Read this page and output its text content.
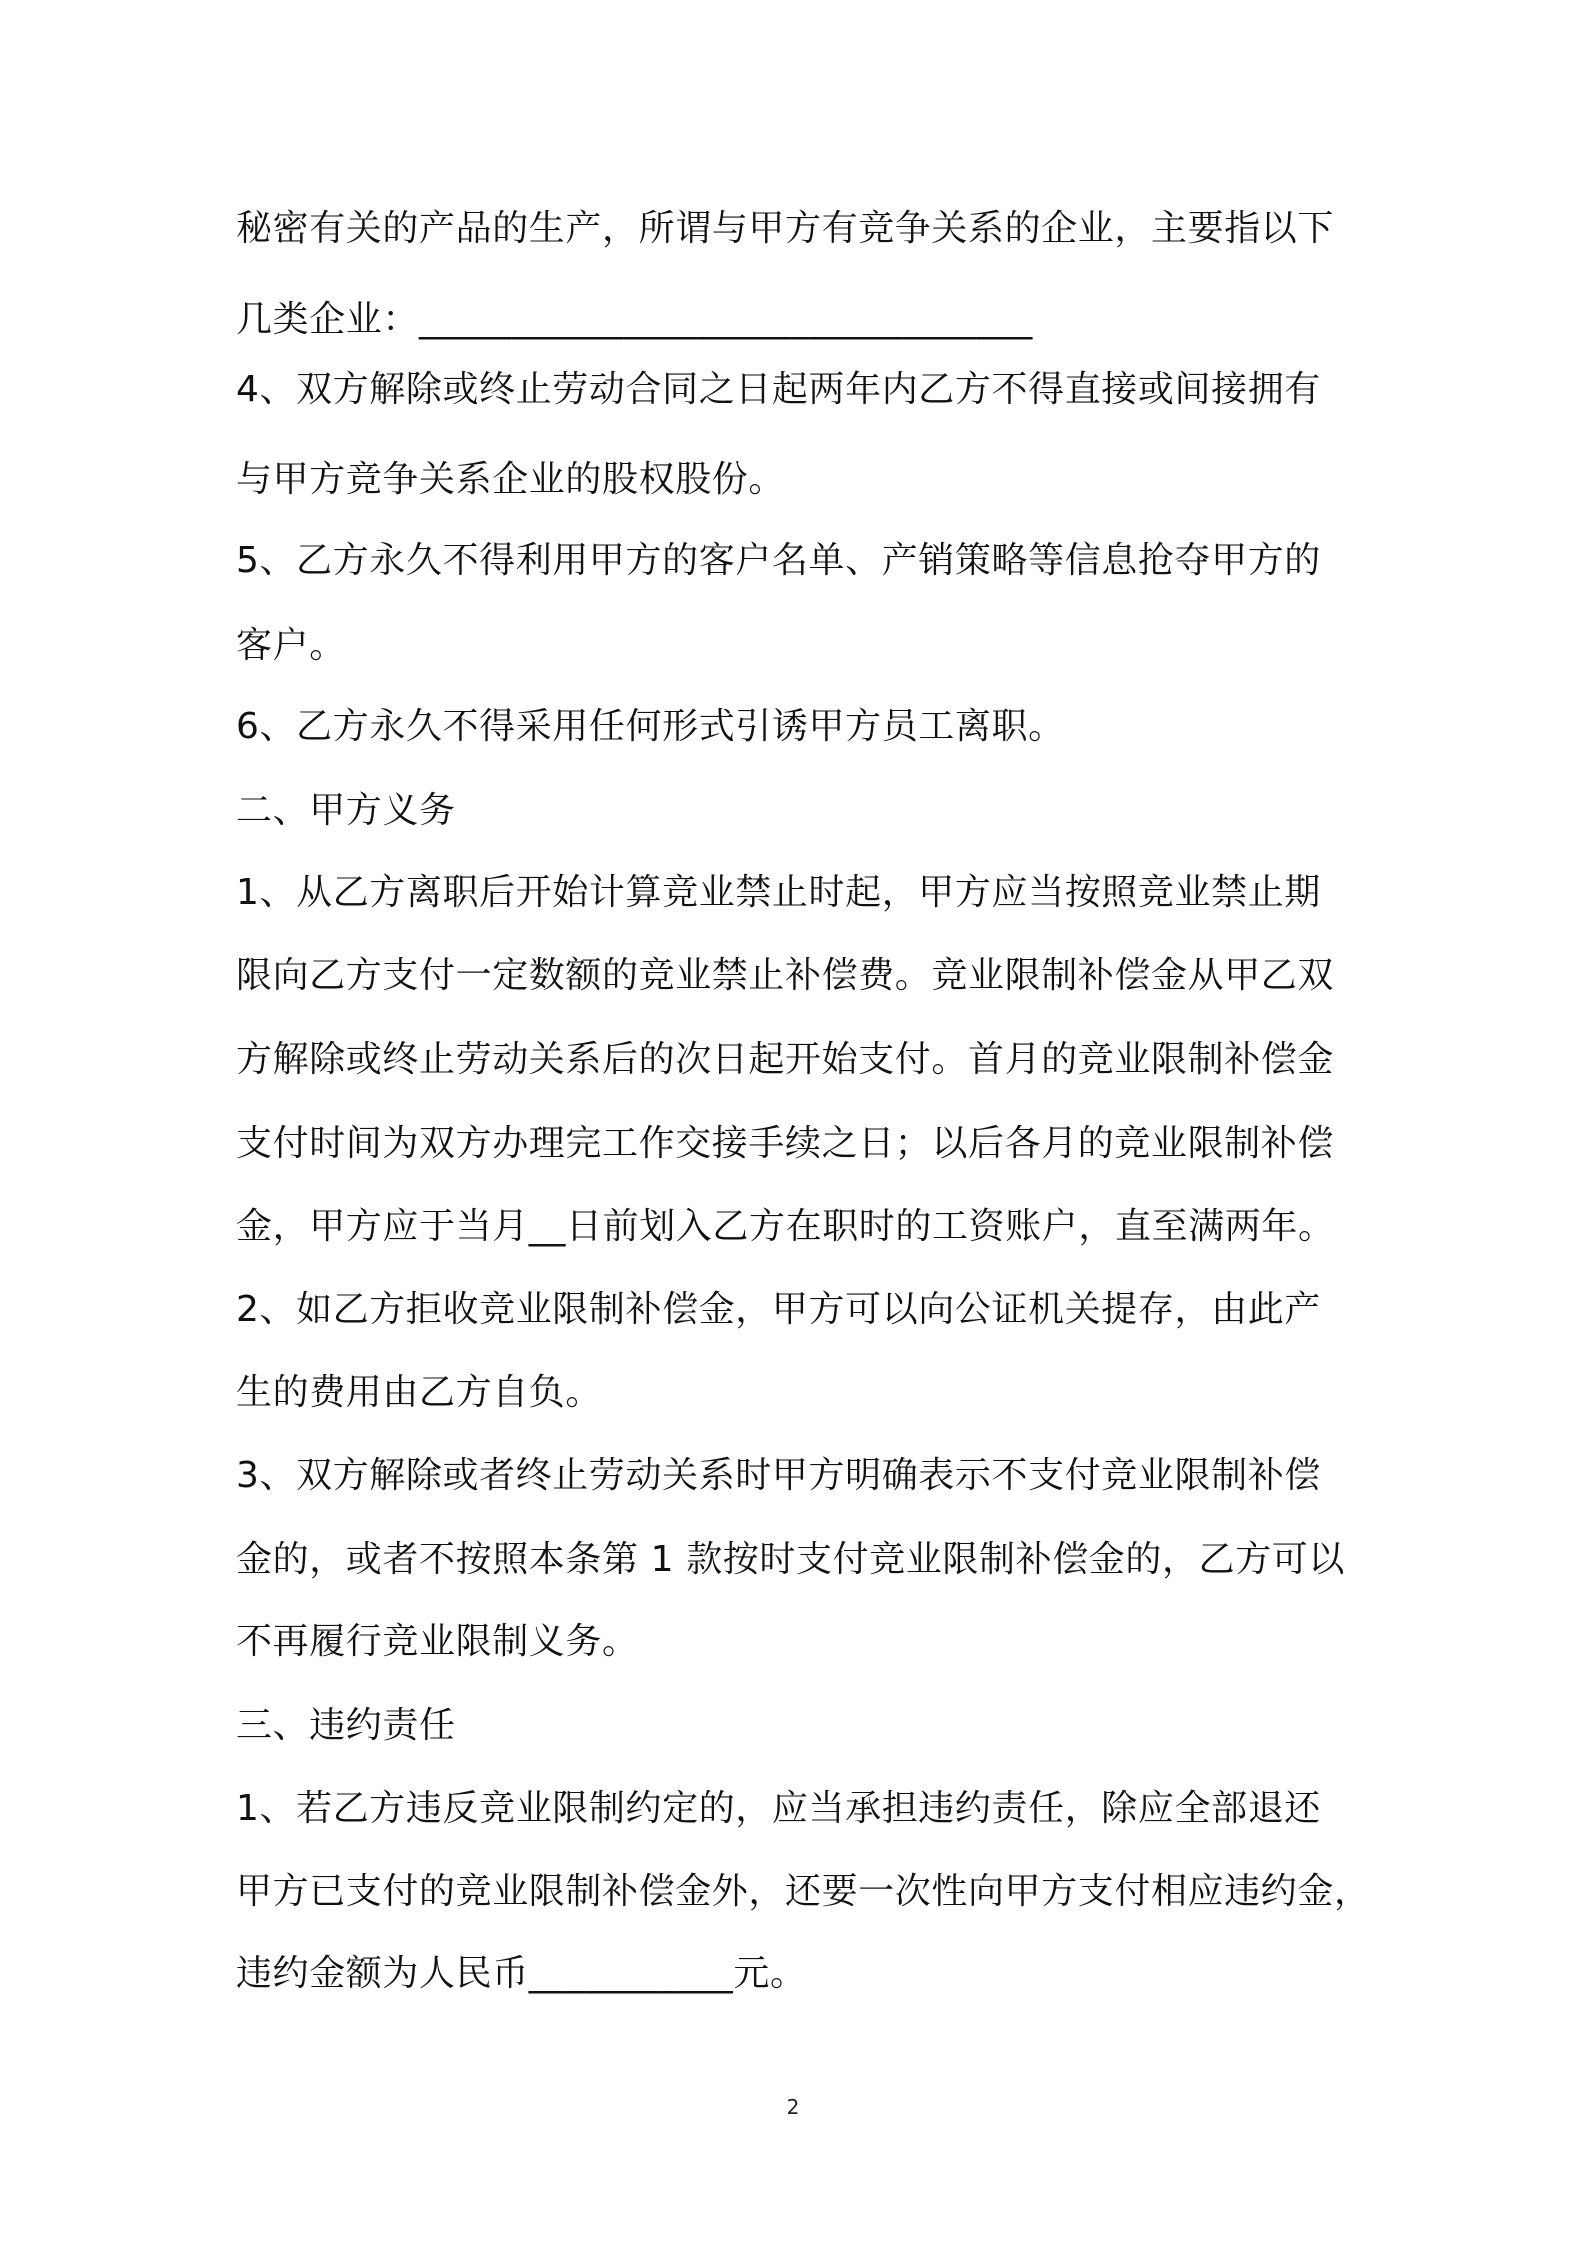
秘密有关的产品的生产，所谓与甲方有竞争关系的企业，主要指以下
几类企业：_________________________________
4、双方解除或终止劳动合同之日起两年内乙方不得直接或间接拥有
与甲方竞争关系企业的股权股份。
5、乙方永久不得利用甲方的客户名单、产销策略等信息抢夺甲方的
客户。
6、乙方永久不得采用任何形式引诱甲方员工离职。
二、甲方义务
1、从乙方离职后开始计算竞业禁止时起，甲方应当按照竞业禁止期
限向乙方支付一定数额的竞业禁止补偿费。竞业限制补偿金从甲乙双
方解除或终止劳动关系后的次日起开始支付。首月的竞业限制补偿金
支付时间为双方办理完工作交接手续之日；以后各月的竞业限制补偿
金，甲方应于当月__日前划入乙方在职时的工资账户，直至满两年。
2、如乙方拒收竞业限制补偿金，甲方可以向公证机关提存，由此产
生的费用由乙方自负。
3、双方解除或者终止劳动关系时甲方明确表示不支付竞业限制补偿
金的，或者不按照本条第 1 款按时支付竞业限制补偿金的，乙方可以
不再履行竞业限制义务。
三、违约责任
1、若乙方违反竞业限制约定的，应当承担违约责任，除应全部退还
甲方已支付的竞业限制补偿金外，还要一次性向甲方支付相应违约金，
违约金额为人民币___________元。
2
